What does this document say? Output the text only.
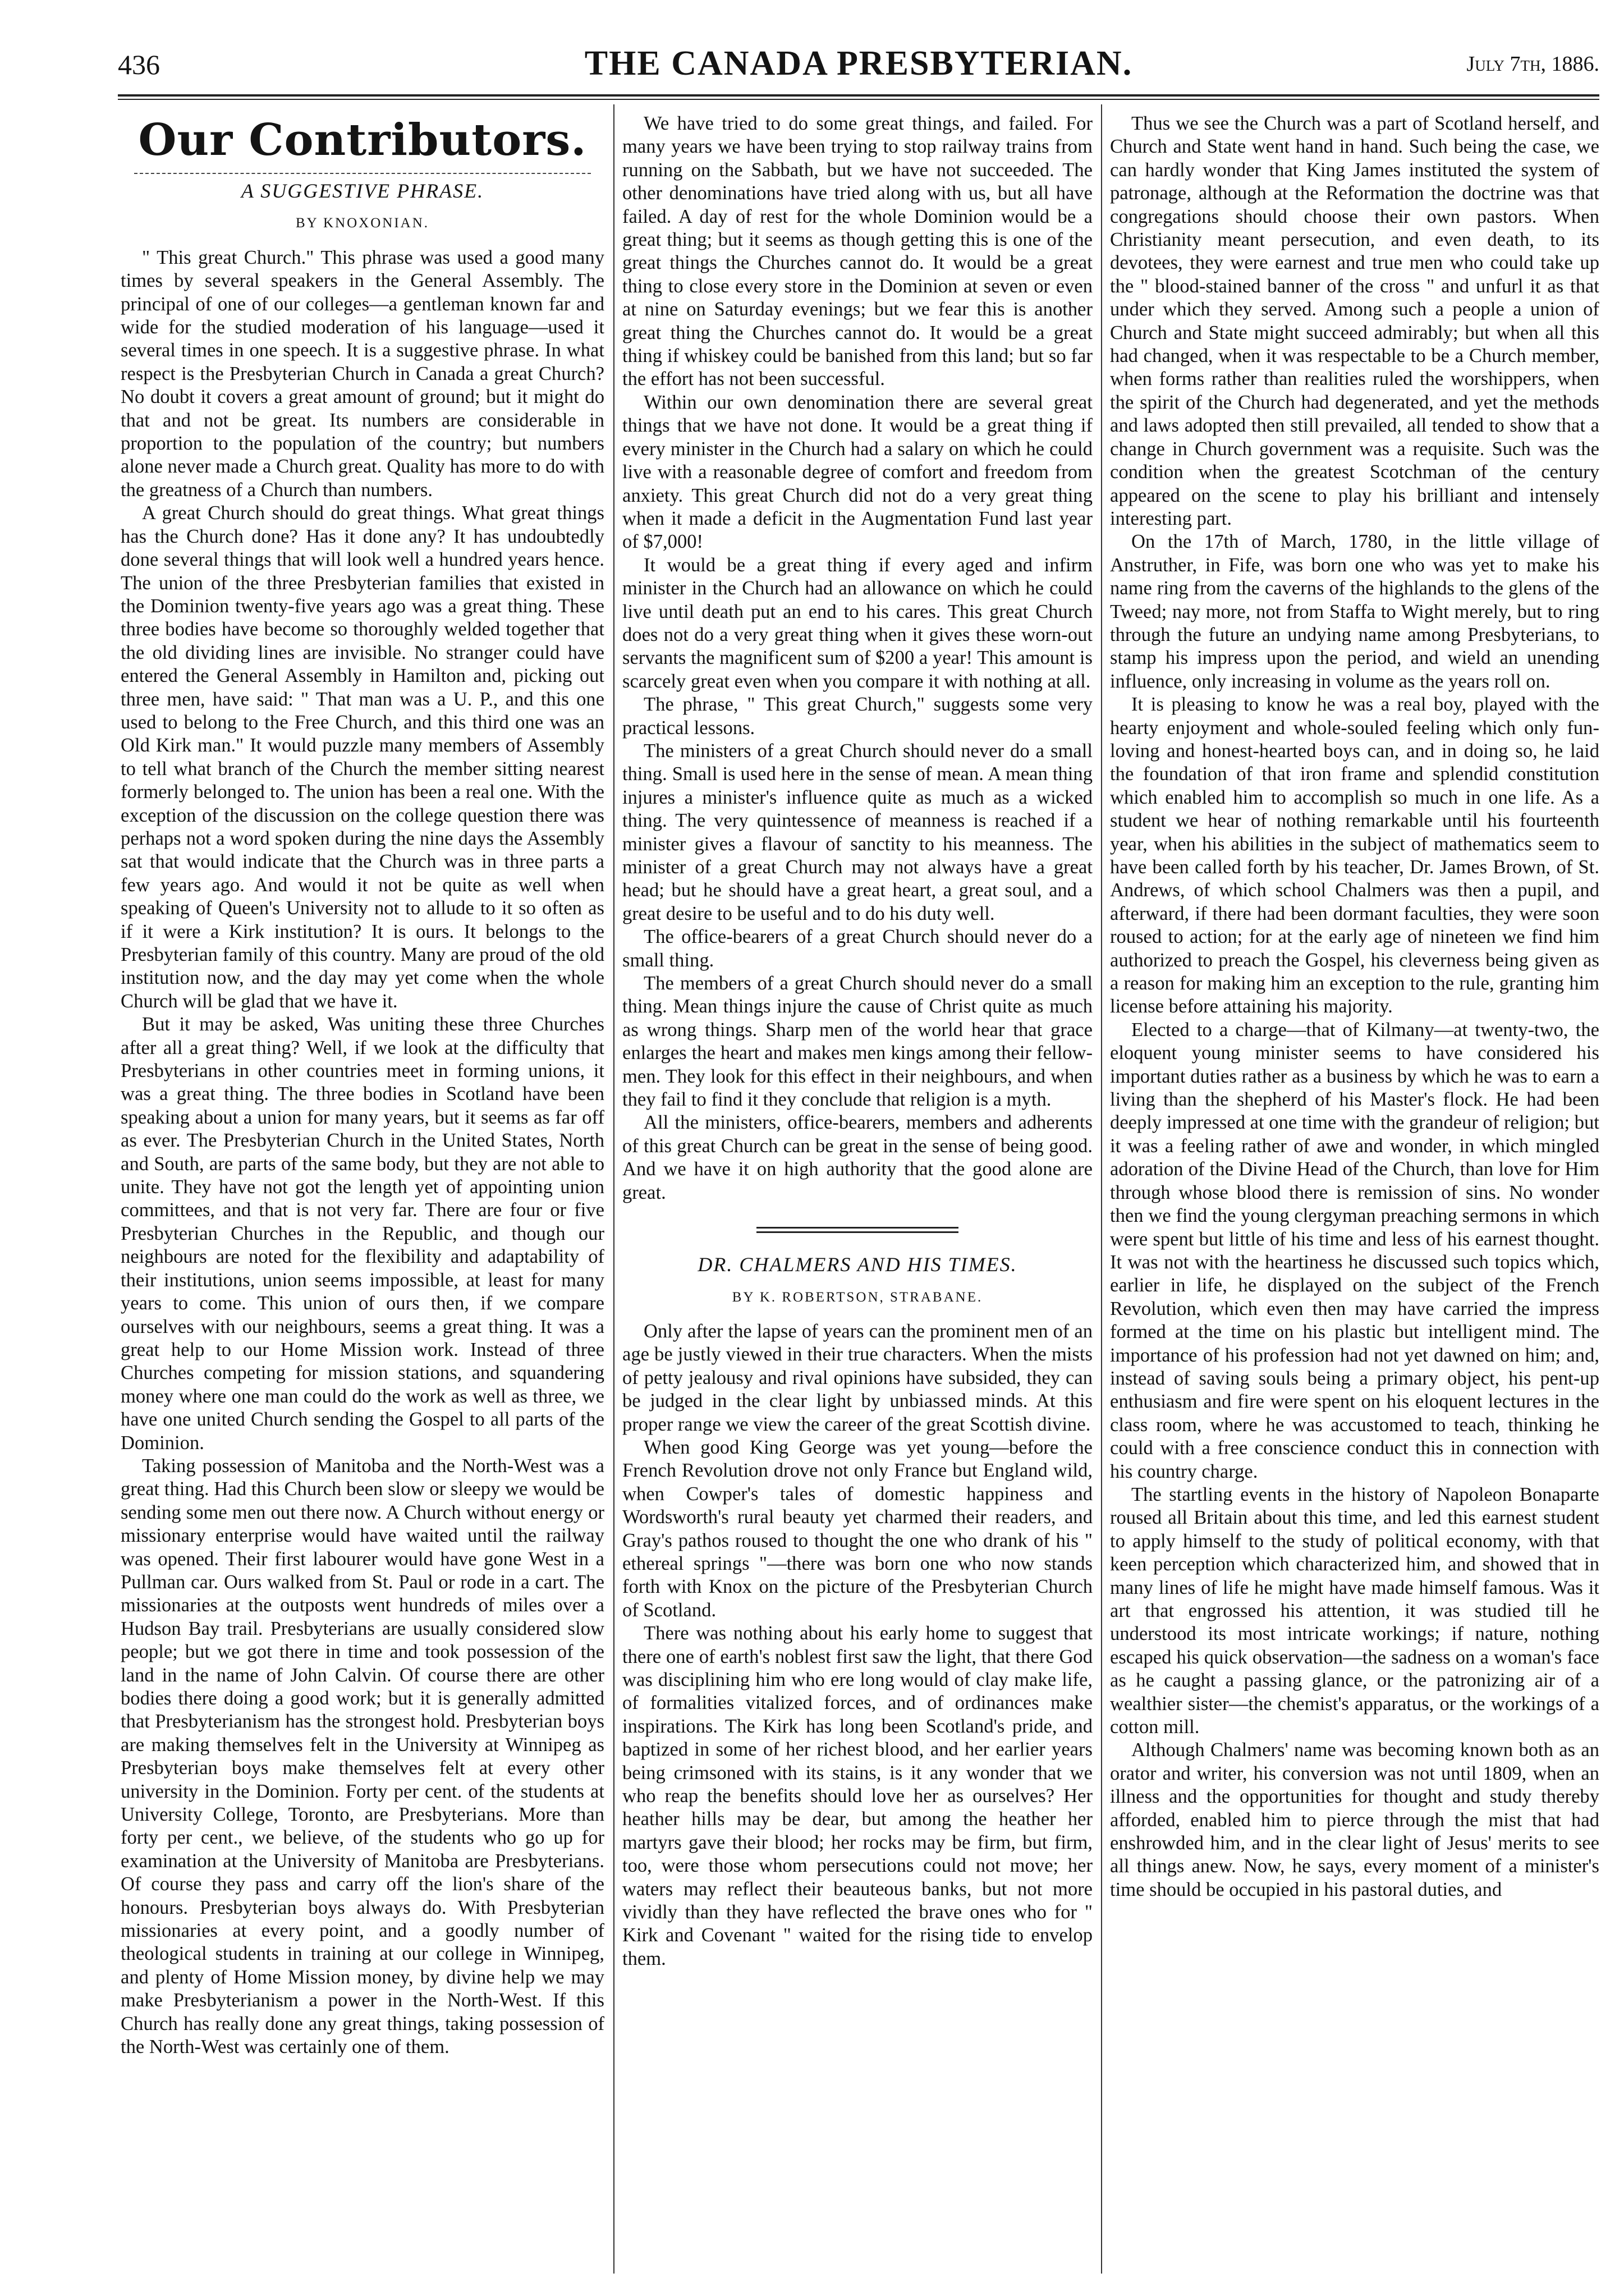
436	THE CANADA PRESBYTERIAN.	July 7th, 1886.
Our Contributors.
A SUGGESTIVE PHRASE.
BY KNOXONIAN.

" This great Church." This phrase was used a good many times by several speakers in the General Assembly. The principal of one of our colleges—a gentleman known far and wide for the studied moderation of his language—used it several times in one speech. It is a suggestive phrase. In what respect is the Presbyterian Church in Canada a great Church? No doubt it covers a great amount of ground; but it might do that and not be great. Its numbers are considerable in proportion to the population of the country; but numbers alone never made a Church great. Quality has more to do with the greatness of a Church than numbers.

A great Church should do great things. What great things has the Church done? Has it done any? It has undoubtedly done several things that will look well a hundred years hence. The union of the three Presbyterian families that existed in the Dominion twenty-five years ago was a great thing. These three bodies have become so thoroughly welded together that the old dividing lines are invisible. No stranger could have entered the General Assembly in Hamilton and, picking out three men, have said: " That man was a U. P., and this one used to belong to the Free Church, and this third one was an Old Kirk man." It would puzzle many members of Assembly to tell what branch of the Church the member sitting nearest formerly belonged to. The union has been a real one. With the exception of the discussion on the college question there was perhaps not a word spoken during the nine days the Assembly sat that would indicate that the Church was in three parts a few years ago. And would it not be quite as well when speaking of Queen's University not to allude to it so often as if it were a Kirk institution? It is ours. It belongs to the Presbyterian family of this country. Many are proud of the old institution now, and the day may yet come when the whole Church will be glad that we have it.

But it may be asked, Was uniting these three Churches after all a great thing? Well, if we look at the difficulty that Presbyterians in other countries meet in forming unions, it was a great thing. The three bodies in Scotland have been speaking about a union for many years, but it seems as far off as ever. The Presbyterian Church in the United States, North and South, are parts of the same body, but they are not able to unite. They have not got the length yet of appointing union committees, and that is not very far. There are four or five Presbyterian Churches in the Republic, and though our neighbours are noted for the flexibility and adaptability of their institutions, union seems impossible, at least for many years to come. This union of ours then, if we compare ourselves with our neighbours, seems a great thing. It was a great help to our Home Mission work. Instead of three Churches competing for mission stations, and squandering money where one man could do the work as well as three, we have one united Church sending the Gospel to all parts of the Dominion.

Taking possession of Manitoba and the North-West was a great thing. Had this Church been slow or sleepy we would be sending some men out there now. A Church without energy or missionary enterprise would have waited until the railway was opened. Their first labourer would have gone West in a Pullman car. Ours walked from St. Paul or rode in a cart. The missionaries at the outposts went hundreds of miles over a Hudson Bay trail. Presbyterians are usually considered slow people; but we got there in time and took possession of the land in the name of John Calvin. Of course there are other bodies there doing a good work; but it is generally admitted that Presbyterianism has the strongest hold. Presbyterian boys are making themselves felt in the University at Winnipeg as Presbyterian boys make themselves felt at every other university in the Dominion. Forty per cent. of the students at University College, Toronto, are Presbyterians. More than forty per cent., we believe, of the students who go up for examination at the University of Manitoba are Presbyterians. Of course they pass and carry off the lion's share of the honours. Presbyterian boys always do. With Presbyterian missionaries at every point, and a goodly number of theological students in training at our college in Winnipeg, and plenty of Home Mission money, by divine help we may make Presbyterianism a power in the North-West. If this Church has really done any great things, taking possession of the North-West was certainly one of them.

We have tried to do some great things, and failed. For many years we have been trying to stop railway trains from running on the Sabbath, but we have not succeeded. The other denominations have tried along with us, but all have failed. A day of rest for the whole Dominion would be a great thing; but it seems as though getting this is one of the great things the Churches cannot do. It would be a great thing to close every store in the Dominion at seven or even at nine on Saturday evenings; but we fear this is another great thing the Churches cannot do. It would be a great thing if whiskey could be banished from this land; but so far the effort has not been successful.

Within our own denomination there are several great things that we have not done. It would be a great thing if every minister in the Church had a salary on which he could live with a reasonable degree of comfort and freedom from anxiety. This great Church did not do a very great thing when it made a deficit in the Augmentation Fund last year of $7,000!

It would be a great thing if every aged and infirm minister in the Church had an allowance on which he could live until death put an end to his cares. This great Church does not do a very great thing when it gives these worn-out servants the magnificent sum of $200 a year! This amount is scarcely great even when you compare it with nothing at all.

The phrase, " This great Church," suggests some very practical lessons.

The ministers of a great Church should never do a small thing. Small is used here in the sense of mean. A mean thing injures a minister's influence quite as much as a wicked thing. The very quintessence of meanness is reached if a minister gives a flavour of sanctity to his meanness. The minister of a great Church may not always have a great head; but he should have a great heart, a great soul, and a great desire to be useful and to do his duty well.

The office-bearers of a great Church should never do a small thing.

The members of a great Church should never do a small thing. Mean things injure the cause of Christ quite as much as wrong things. Sharp men of the world hear that grace enlarges the heart and makes men kings among their fellow-men. They look for this effect in their neighbours, and when they fail to find it they conclude that religion is a myth.

All the ministers, office-bearers, members and adherents of this great Church can be great in the sense of being good. And we have it on high authority that the good alone are great.

DR. CHALMERS AND HIS TIMES.
BY K. ROBERTSON, STRABANE.

Only after the lapse of years can the prominent men of an age be justly viewed in their true characters. When the mists of petty jealousy and rival opinions have subsided, they can be judged in the clear light by unbiassed minds. At this proper range we view the career of the great Scottish divine.

When good King George was yet young—before the French Revolution drove not only France but England wild, when Cowper's tales of domestic happiness and Wordsworth's rural beauty yet charmed their readers, and Gray's pathos roused to thought the one who drank of his " ethereal springs "—there was born one who now stands forth with Knox on the picture of the Presbyterian Church of Scotland.

There was nothing about his early home to suggest that there one of earth's noblest first saw the light, that there God was disciplining him who ere long would of clay make life, of formalities vitalized forces, and of ordinances make inspirations. The Kirk has long been Scotland's pride, and baptized in some of her richest blood, and her earlier years being crimsoned with its stains, is it any wonder that we who reap the benefits should love her as ourselves? Her heather hills may be dear, but among the heather her martyrs gave their blood; her rocks may be firm, but firm, too, were those whom persecutions could not move; her waters may reflect their beauteous banks, but not more vividly than they have reflected the brave ones who for " Kirk and Covenant " waited for the rising tide to envelop them.

Thus we see the Church was a part of Scotland herself, and Church and State went hand in hand. Such being the case, we can hardly wonder that King James instituted the system of patronage, although at the Reformation the doctrine was that congregations should choose their own pastors. When Christianity meant persecution, and even death, to its devotees, they were earnest and true men who could take up the " blood-stained banner of the cross " and unfurl it as that under which they served. Among such a people a union of Church and State might succeed admirably; but when all this had changed, when it was respectable to be a Church member, when forms rather than realities ruled the worshippers, when the spirit of the Church had degenerated, and yet the methods and laws adopted then still prevailed, all tended to show that a change in Church government was a requisite. Such was the condition when the greatest Scotchman of the century appeared on the scene to play his brilliant and intensely interesting part.

On the 17th of March, 1780, in the little village of Anstruther, in Fife, was born one who was yet to make his name ring from the caverns of the highlands to the glens of the Tweed; nay more, not from Staffa to Wight merely, but to ring through the future an undying name among Presbyterians, to stamp his impress upon the period, and wield an unending influence, only increasing in volume as the years roll on.

It is pleasing to know he was a real boy, played with the hearty enjoyment and whole-souled feeling which only fun-loving and honest-hearted boys can, and in doing so, he laid the foundation of that iron frame and splendid constitution which enabled him to accomplish so much in one life. As a student we hear of nothing remarkable until his fourteenth year, when his abilities in the subject of mathematics seem to have been called forth by his teacher, Dr. James Brown, of St. Andrews, of which school Chalmers was then a pupil, and afterward, if there had been dormant faculties, they were soon roused to action; for at the early age of nineteen we find him authorized to preach the Gospel, his cleverness being given as a reason for making him an exception to the rule, granting him license before attaining his majority.

Elected to a charge—that of Kilmany—at twenty-two, the eloquent young minister seems to have considered his important duties rather as a business by which he was to earn a living than the shepherd of his Master's flock. He had been deeply impressed at one time with the grandeur of religion; but it was a feeling rather of awe and wonder, in which mingled adoration of the Divine Head of the Church, than love for Him through whose blood there is remission of sins. No wonder then we find the young clergyman preaching sermons in which were spent but little of his time and less of his earnest thought. It was not with the heartiness he discussed such topics which, earlier in life, he displayed on the subject of the French Revolution, which even then may have carried the impress formed at the time on his plastic but intelligent mind. The importance of his profession had not yet dawned on him; and, instead of saving souls being a primary object, his pent-up enthusiasm and fire were spent on his eloquent lectures in the class room, where he was accustomed to teach, thinking he could with a free conscience conduct this in connection with his country charge.

The startling events in the history of Napoleon Bonaparte roused all Britain about this time, and led this earnest student to apply himself to the study of political economy, with that keen perception which characterized him, and showed that in many lines of life he might have made himself famous. Was it art that engrossed his attention, it was studied till he understood its most intricate workings; if nature, nothing escaped his quick observation—the sadness on a woman's face as he caught a passing glance, or the patronizing air of a wealthier sister—the chemist's apparatus, or the workings of a cotton mill.

Although Chalmers' name was becoming known both as an orator and writer, his conversion was not until 1809, when an illness and the opportunities for thought and study thereby afforded, enabled him to pierce through the mist that had enshrowded him, and in the clear light of Jesus' merits to see all things anew. Now, he says, every moment of a minister's time should be occupied in his pastoral duties, and
